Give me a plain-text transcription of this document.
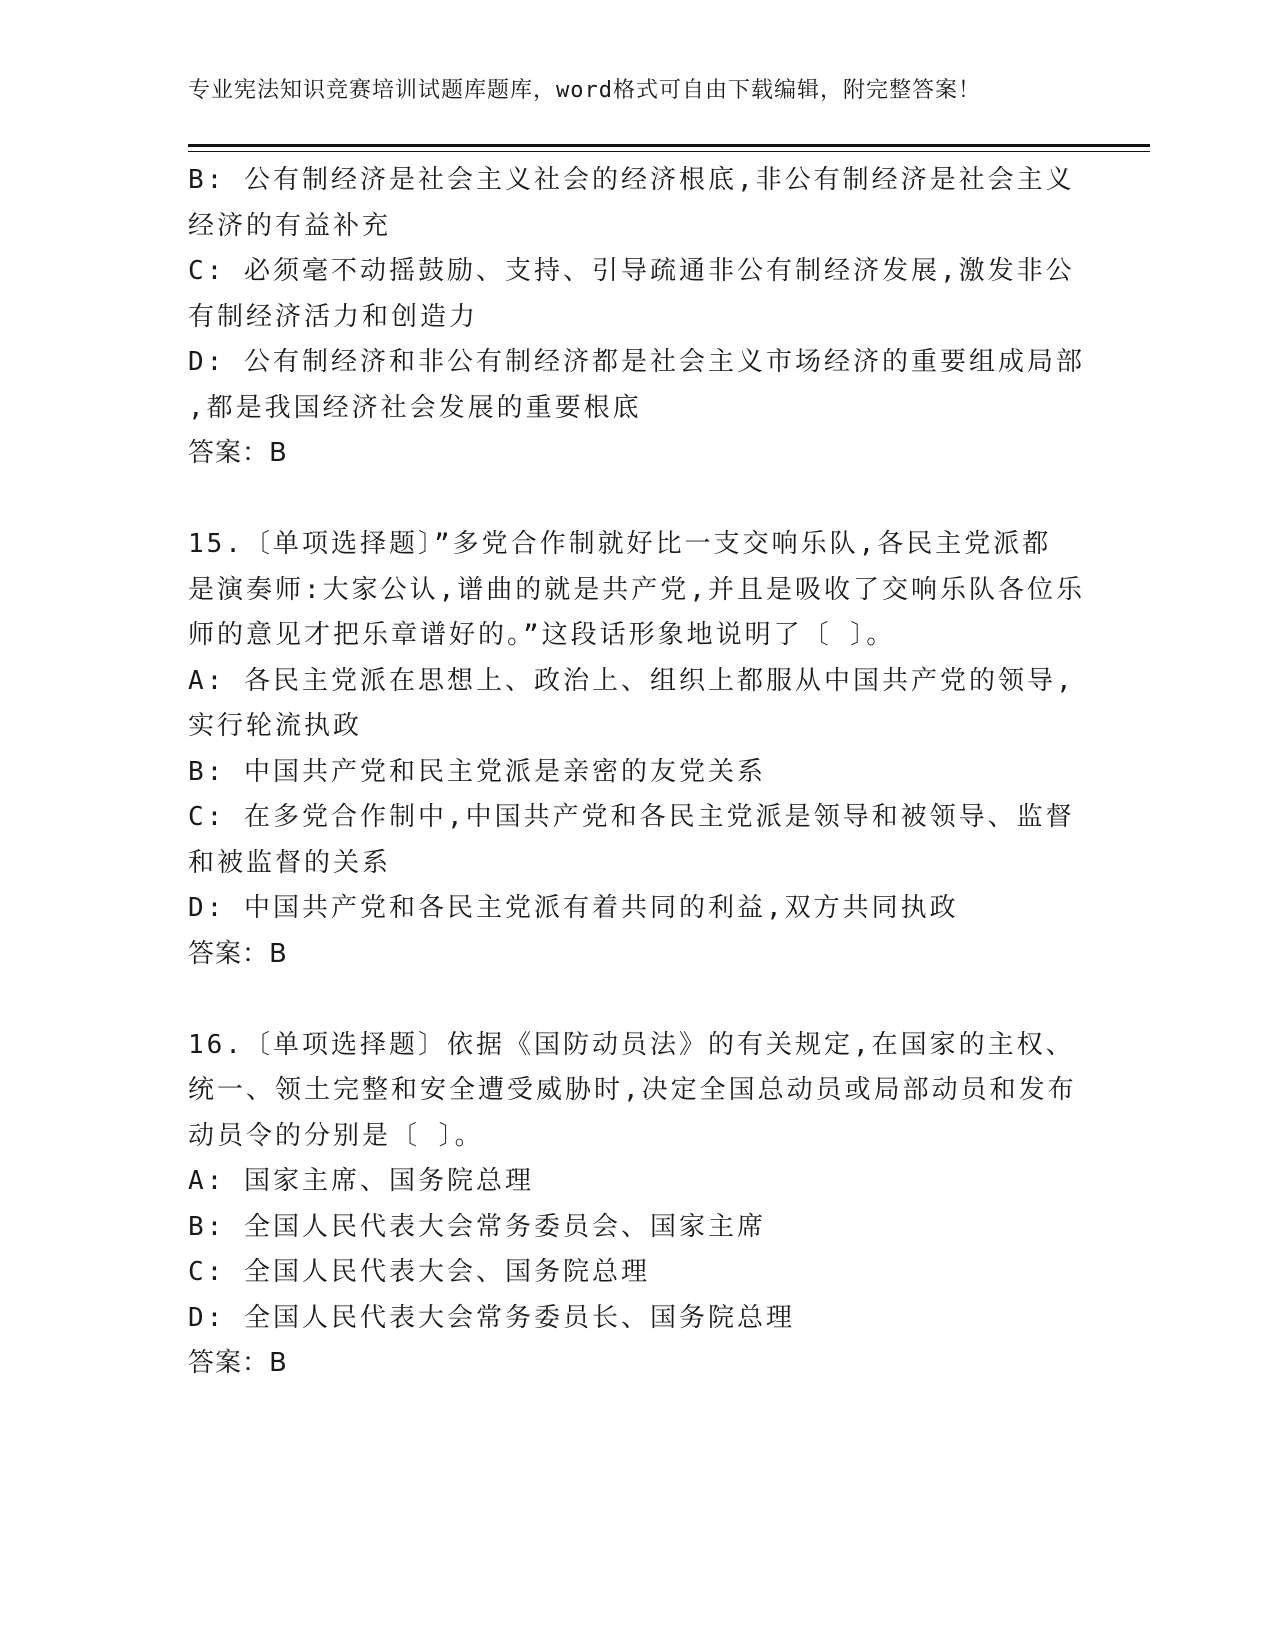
专业宪法知识竞赛培训试题库题库，word格式可自由下载编辑，附完整答案！
B: 公有制经济是社会主义社会的经济根底,非公有制经济是社会主义
经济的有益补充
C: 必须毫不动摇鼓励、支持、引导疏通非公有制经济发展,激发非公
有制经济活力和创造力
D: 公有制经济和非公有制经济都是社会主义市场经济的重要组成局部
,都是我国经济社会发展的重要根底
答案：B
15.〔单项选择题〕”多党合作制就好比一支交响乐队,各民主党派都
是演奏师:大家公认,谱曲的就是共产党,并且是吸收了交响乐队各位乐
师的意见才把乐章谱好的。”这段话形象地说明了〔 〕。
A: 各民主党派在思想上、政治上、组织上都服从中国共产党的领导,
实行轮流执政
B: 中国共产党和民主党派是亲密的友党关系
C: 在多党合作制中,中国共产党和各民主党派是领导和被领导、监督
和被监督的关系
D: 中国共产党和各民主党派有着共同的利益,双方共同执政
答案：B
16.〔单项选择题〕依据《国防动员法》的有关规定,在国家的主权、
统一、领土完整和安全遭受威胁时,决定全国总动员或局部动员和发布
动员令的分别是〔 〕。
A: 国家主席、国务院总理
B: 全国人民代表大会常务委员会、国家主席
C: 全国人民代表大会、国务院总理
D: 全国人民代表大会常务委员长、国务院总理
答案：B
